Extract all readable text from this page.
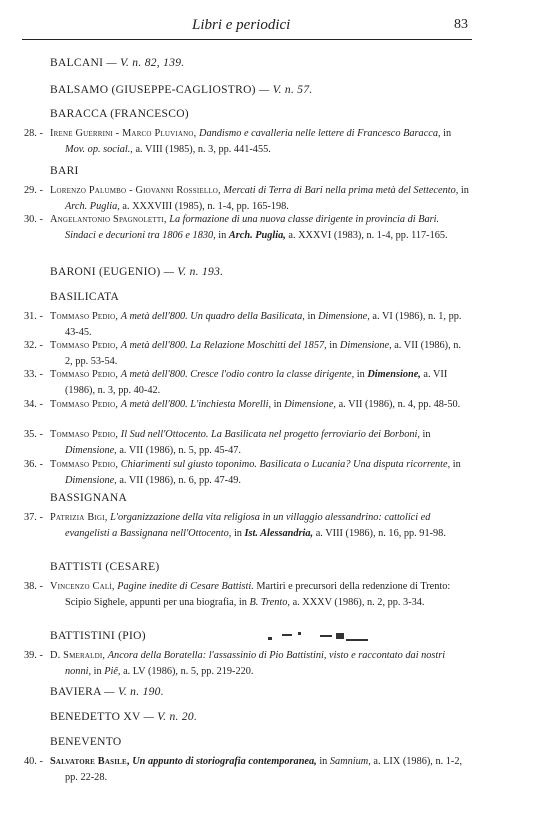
Libri e periodici	83
BALCANI — V. n. 82, 139.
BALSAMO (GIUSEPPE-CAGLIOSTRO) — V. n. 57.
BARACCA (FRANCESCO)
28. - Irene Guerrini - Marco Pluviano, Dandismo e cavalleria nelle lettere di Francesco Baracca, in Mov. op. social., a. VIII (1985), n. 3, pp. 441-455.
BARI
29. - Lorenzo Palumbo - Giovanni Rossiello, Mercati di Terra di Bari nella prima metà del Settecento, in Arch. Puglia, a. XXXVIII (1985), n. 1-4, pp. 165-198.
30. - Angelantonio Spagnoletti, La formazione di una nuova classe dirigente in provincia di Bari. Sindaci e decurioni tra 1806 e 1830, in Arch. Puglia, a. XXXVI (1983), n. 1-4, pp. 117-165.
BARONI (EUGENIO) — V. n. 193.
BASILICATA
31. - Tommaso Pedio, A metà dell'800. Un quadro della Basilicata, in Dimensione, a. VI (1986), n. 1, pp. 43-45.
32. - Tommaso Pedio, A metà dell'800. La Relazione Moschitti del 1857, in Dimensione, a. VII (1986), n. 2, pp. 53-54.
33. - Tommaso Pedio, A metà dell'800. Cresce l'odio contro la classe dirigente, in Dimensione, a. VII (1986), n. 3, pp. 40-42.
34. - Tommaso Pedio, A metà dell'800. L'inchiesta Morelli, in Dimensione, a. VII (1986), n. 4, pp. 48-50.
35. - Tommaso Pedio, Il Sud nell'Ottocento. La Basilicata nel progetto ferroviario dei Borboni, in Dimensione, a. VII (1986), n. 5, pp. 45-47.
36. - Tommaso Pedio, Chiarimenti sul giusto toponimo. Basilicata o Lucania? Una disputa ricorrente, in Dimensione, a. VII (1986), n. 6, pp. 47-49.
BASSIGNANA
37. - Patrizia Bigi, L'organizzazione della vita religiosa in un villaggio alessandrino: cattolici ed evangelisti a Bassignana nell'Ottocento, in Ist. Alessandria, a. VIII (1986), n. 16, pp. 91-98.
BATTISTI (CESARE)
38. - Vincenzo Calì, Pagine inedite di Cesare Battisti. Martiri e precursori della redenzione di Trento: Scipio Sighele, appunti per una biografia, in B. Trento, a. XXXV (1986), n. 2, pp. 3-34.
BATTISTINI (PIO)
39. - D. Smeraldi, Ancora della Boratella: l'assassinio di Pio Battistini, visto e raccontato dai nostri nonni, in Piê, a. LV (1986), n. 5, pp. 219-220.
BAVIERA — V. n. 190.
BENEDETTO XV — V. n. 20.
BENEVENTO
40. - Salvatore Basile, Un appunto di storiografia contemporanea, in Samnium, a. LIX (1986), n. 1-2, pp. 22-28.
